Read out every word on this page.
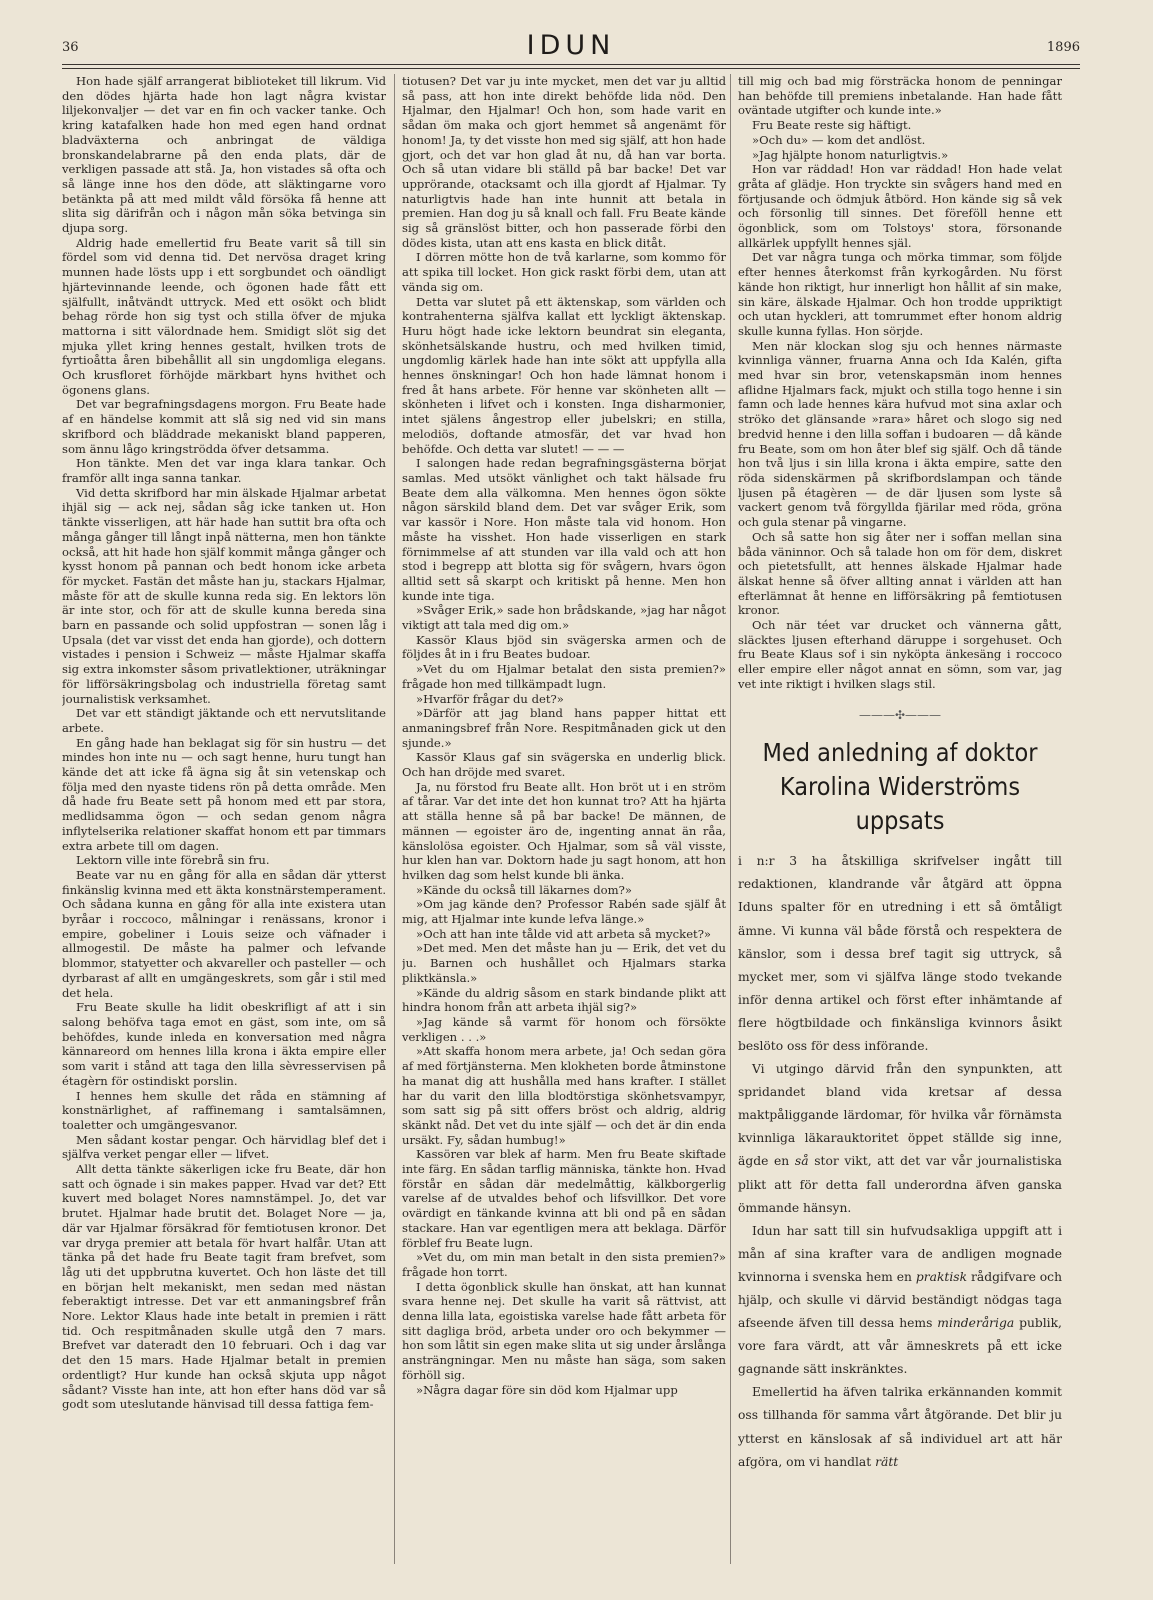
36	IDUN	1896

Hon hade själf arrangerat biblioteket till likrum. Vid den dödes hjärta hade hon lagt några kvistar liljekonvaljer — det var en fin och vacker tanke. Och kring katafalken hade hon med egen hand ordnat bladväxterna och anbringat de väldiga bronskandelabrarne på den enda plats, där de verkligen passade att stå. Ja, hon vistades så ofta och så länge inne hos den döde, att släktingarne voro betänkta på att med mildt våld försöka få henne att slita sig därifrån och i någon mån söka betvinga sin djupa sorg.

Aldrig hade emellertid fru Beate varit så till sin fördel som vid denna tid. Det nervösa draget kring munnen hade lösts upp i ett sorgbundet och oändligt hjärtevinnande leende, och ögonen hade fått ett själfullt, inåtvändt uttryck. Med ett osökt och blidt behag rörde hon sig tyst och stilla öfver de mjuka mattorna i sitt välordnade hem. Smidigt slöt sig det mjuka yllet kring hennes gestalt, hvilken trots de fyrtioåtta åren bibehållit all sin ungdomliga elegans. Och krusfloret förhöjde märkbart hyns hvithet och ögonens glans.

Det var begrafningsdagens morgon. Fru Beate hade af en händelse kommit att slå sig ned vid sin mans skrifbord och bläddrade mekaniskt bland papperen, som ännu lågo kringströdda öfver detsamma.

Hon tänkte. Men det var inga klara tankar. Och framför allt inga sanna tankar.

Vid detta skrifbord har min älskade Hjalmar arbetat ihjäl sig — ack nej, sådan såg icke tanken ut. Hon tänkte visserligen, att här hade han suttit bra ofta och många gånger till långt inpå nätterna, men hon tänkte också, att hit hade hon själf kommit många gånger och kysst honom på pannan och bedt honom icke arbeta för mycket. Fastän det måste han ju, stackars Hjalmar, måste för att de skulle kunna reda sig. En lektors lön är inte stor, och för att de skulle kunna bereda sina barn en passande och solid uppfostran — sonen låg i Upsala (det var visst det enda han gjorde), och dottern vistades i pension i Schweiz — måste Hjalmar skaffa sig extra inkomster såsom privatlektioner, uträkningar för lifförsäkringsbolag och industriella företag samt journalistisk verksamhet.

Det var ett ständigt jäktande och ett nervutslitande arbete.

En gång hade han beklagat sig för sin hustru — det mindes hon inte nu — och sagt henne, huru tungt han kände det att icke få ägna sig åt sin vetenskap och följa med den nyaste tidens rön på detta område. Men då hade fru Beate sett på honom med ett par stora, medlidsamma ögon — och sedan genom några inflytelserika relationer skaffat honom ett par timmars extra arbete till om dagen.

Lektorn ville inte förebrå sin fru.

Beate var nu en gång för alla en sådan där ytterst finkänslig kvinna med ett äkta konstnärstemperament. Och sådana kunna en gång för alla inte existera utan byråar i roccoco, målningar i renässans, kronor i empire, gobeliner i Louis seize och väfnader i allmogestil. De måste ha palmer och lefvande blommor, statyetter och akvareller och pasteller — och dyrbarast af allt en umgängeskrets, som går i stil med det hela.

Fru Beate skulle ha lidit obeskrifligt af att i sin salong behöfva taga emot en gäst, som inte, om så behöfdes, kunde inleda en konversation med några kännareord om hennes lilla krona i äkta empire eller som varit i stånd att taga den lilla sèvresservisen på étagèrn för ostindiskt porslin.

I hennes hem skulle det råda en stämning af konstnärlighet, af raffinemang i samtalsämnen, toaletter och umgängesvanor.

Men sådant kostar pengar. Och härvidlag blef det i själfva verket pengar eller — lifvet.

Allt detta tänkte säkerligen icke fru Beate, där hon satt och ögnade i sin makes papper. Hvad var det? Ett kuvert med bolaget Nores namnstämpel. Jo, det var brutet. Hjalmar hade brutit det. Bolaget Nore — ja, där var Hjalmar försäkrad för femtiotusen kronor. Det var dryga premier att betala för hvart halfår. Utan att tänka på det hade fru Beate tagit fram brefvet, som låg uti det uppbrutna kuvertet. Och hon läste det till en början helt mekaniskt, men sedan med nästan feberaktigt intresse. Det var ett anmaningsbref från Nore. Lektor Klaus hade inte betalt in premien i rätt tid. Och respitmånaden skulle utgå den 7 mars. Brefvet var dateradt den 10 februari. Och i dag var det den 15 mars. Hade Hjalmar betalt in premien ordentligt? Hur kunde han också skjuta upp något sådant? Visste han inte, att hon efter hans död var så godt som uteslutande hänvisad till dessa fattiga fem-

tiotusen? Det var ju inte mycket, men det var ju alltid så pass, att hon inte direkt behöfde lida nöd. Den Hjalmar, den Hjalmar! Och hon, som hade varit en sådan öm maka och gjort hemmet så angenämt för honom! Ja, ty det visste hon med sig själf, att hon hade gjort, och det var hon glad åt nu, då han var borta. Och så utan vidare bli ställd på bar backe! Det var upprörande, otacksamt och illa gjordt af Hjalmar. Ty naturligtvis hade han inte hunnit att betala in premien. Han dog ju så knall och fall. Fru Beate kände sig så gränslöst bitter, och hon passerade förbi den dödes kista, utan att ens kasta en blick ditåt.

I dörren mötte hon de två karlarne, som kommo för att spika till locket. Hon gick raskt förbi dem, utan att vända sig om.

Detta var slutet på ett äktenskap, som världen och kontrahenterna själfva kallat ett lyckligt äktenskap. Huru högt hade icke lektorn beundrat sin eleganta, skönhetsälskande hustru, och med hvilken timid, ungdomlig kärlek hade han inte sökt att uppfylla alla hennes önskningar! Och hon hade lämnat honom i fred åt hans arbete. För henne var skönheten allt — skönheten i lifvet och i konsten. Inga disharmonier, intet själens ångestrop eller jubelskri; en stilla, melodiös, doftande atmosfär, det var hvad hon behöfde. Och detta var slutet! — — —

I salongen hade redan begrafningsgästerna börjat samlas. Med utsökt vänlighet och takt hälsade fru Beate dem alla välkomna. Men hennes ögon sökte någon särskild bland dem. Det var svåger Erik, som var kassör i Nore. Hon måste tala vid honom. Hon måste ha visshet. Hon hade visserligen en stark förnimmelse af att stunden var illa vald och att hon stod i begrepp att blotta sig för svågern, hvars ögon alltid sett så skarpt och kritiskt på henne. Men hon kunde inte tiga.

»Svåger Erik,» sade hon brådskande, »jag har något viktigt att tala med dig om.»

Kassör Klaus bjöd sin svägerska armen och de följdes åt in i fru Beates budoar.

»Vet du om Hjalmar betalat den sista premien?» frågade hon med tillkämpadt lugn.

»Hvarför frågar du det?»

»Därför att jag bland hans papper hittat ett anmaningsbref från Nore. Respitmånaden gick ut den sjunde.»

Kassör Klaus gaf sin svägerska en underlig blick. Och han dröjde med svaret.

Ja, nu förstod fru Beate allt. Hon bröt ut i en ström af tårar. Var det inte det hon kunnat tro? Att ha hjärta att ställa henne så på bar backe! De männen, de männen — egoister äro de, ingenting annat än råa, känslolösa egoister. Och Hjalmar, som så väl visste, hur klen han var. Doktorn hade ju sagt honom, att hon hvilken dag som helst kunde bli änka.

»Kände du också till läkarnes dom?»

»Om jag kände den? Professor Rabén sade själf åt mig, att Hjalmar inte kunde lefva länge.»

»Och att han inte tålde vid att arbeta så mycket?»

»Det med. Men det måste han ju — Erik, det vet du ju. Barnen och hushållet och Hjalmars starka pliktkänsla.»

»Kände du aldrig såsom en stark bindande plikt att hindra honom från att arbeta ihjäl sig?»

»Jag kände så varmt för honom och försökte verkligen . . .»

»Att skaffa honom mera arbete, ja! Och sedan göra af med förtjänsterna. Men klokheten borde åtminstone ha manat dig att hushålla med hans krafter. I stället har du varit den lilla blodtörstiga skönhetsvampyr, som satt sig på sitt offers bröst och aldrig, aldrig skänkt nåd. Det vet du inte själf — och det är din enda ursäkt. Fy, sådan humbug!»

Kassören var blek af harm. Men fru Beate skiftade inte färg. En sådan tarflig människa, tänkte hon. Hvad förstår en sådan där medelmåttig, kälkborgerlig varelse af de utvaldes behof och lifsvillkor. Det vore ovärdigt en tänkande kvinna att bli ond på en sådan stackare. Han var egentligen mera att beklaga. Därför förblef fru Beate lugn.

»Vet du, om min man betalt in den sista premien?» frågade hon torrt.

I detta ögonblick skulle han önskat, att han kunnat svara henne nej. Det skulle ha varit så rättvist, att denna lilla lata, egoistiska varelse hade fått arbeta för sitt dagliga bröd, arbeta under oro och bekymmer — hon som låtit sin egen make slita ut sig under årslånga ansträngningar. Men nu måste han säga, som saken förhöll sig.

»Några dagar före sin död kom Hjalmar upp

till mig och bad mig försträcka honom de penningar han behöfde till premiens inbetalande. Han hade fått oväntade utgifter och kunde inte.»

Fru Beate reste sig häftigt.

»Och du» — kom det andlöst.

»Jag hjälpte honom naturligtvis.»

Hon var räddad! Hon var räddad! Hon hade velat gråta af glädje. Hon tryckte sin svågers hand med en förtjusande och ödmjuk åtbörd. Hon kände sig så vek och försonlig till sinnes. Det föreföll henne ett ögonblick, som om Tolstoys' stora, försonande allkärlek uppfyllt hennes själ.

Det var några tunga och mörka timmar, som följde efter hennes återkomst från kyrkogården. Nu först kände hon riktigt, hur innerligt hon hållit af sin make, sin käre, älskade Hjalmar. Och hon trodde uppriktigt och utan hyckleri, att tomrummet efter honom aldrig skulle kunna fyllas. Hon sörjde.

Men när klockan slog sju och hennes närmaste kvinnliga vänner, fruarna Anna och Ida Kalén, gifta med hvar sin bror, vetenskapsmän inom hennes aflidne Hjalmars fack, mjukt och stilla togo henne i sin famn och lade hennes kära hufvud mot sina axlar och ströko det glänsande »rara» håret och slogo sig ned bredvid henne i den lilla soffan i budoaren — då kände fru Beate, som om hon åter blef sig själf. Och då tände hon två ljus i sin lilla krona i äkta empire, satte den röda sidenskärmen på skrifbordslampan och tände ljusen på étagèren — de där ljusen som lyste så vackert genom två förgyllda fjärilar med röda, gröna och gula stenar på vingarne.

Och så satte hon sig åter ner i soffan mellan sina båda väninnor. Och så talade hon om för dem, diskret och pietetsfullt, att hennes älskade Hjalmar hade älskat henne så öfver allting annat i världen att han efterlämnat åt henne en lifförsäkring på femtiotusen kronor.

Och när téet var drucket och vännerna gått, släcktes ljusen efterhand däruppe i sorgehuset. Och fru Beate Klaus sof i sin nyköpta änkesäng i roccoco eller empire eller något annat en sömn, som var, jag vet inte riktigt i hvilken slags stil.

———✣———
Med anledning af doktor Karolina Widerströms uppsats

i n:r 3 ha åtskilliga skrifvelser ingått till redaktionen, klandrande vår åtgärd att öppna Iduns spalter för en utredning i ett så ömtåligt ämne. Vi kunna väl både förstå och respektera de känslor, som i dessa bref tagit sig uttryck, så mycket mer, som vi själfva länge stodo tvekande inför denna artikel och först efter inhämtande af flere högtbildade och finkänsliga kvinnors åsikt beslöto oss för dess införande.

Vi utgingo därvid från den synpunkten, att spridandet bland vida kretsar af dessa maktpåliggande lärdomar, för hvilka vår förnämsta kvinnliga läkarauktoritet öppet ställde sig inne, ägde en så stor vikt, att det var vår journalistiska plikt att för detta fall underordna äfven ganska ömmande hänsyn.

Idun har satt till sin hufvudsakliga uppgift att i mån af sina krafter vara de andligen mognade kvinnorna i svenska hem en praktisk rådgifvare och hjälp, och skulle vi därvid beständigt nödgas taga afseende äfven till dessa hems minderåriga publik, vore fara värdt, att vår ämneskrets på ett icke gagnande sätt inskränktes.

Emellertid ha äfven talrika erkännanden kommit oss tillhanda för samma vårt åtgörande. Det blir ju ytterst en känslosak af så individuel art att här afgöra, om vi handlat rätt
